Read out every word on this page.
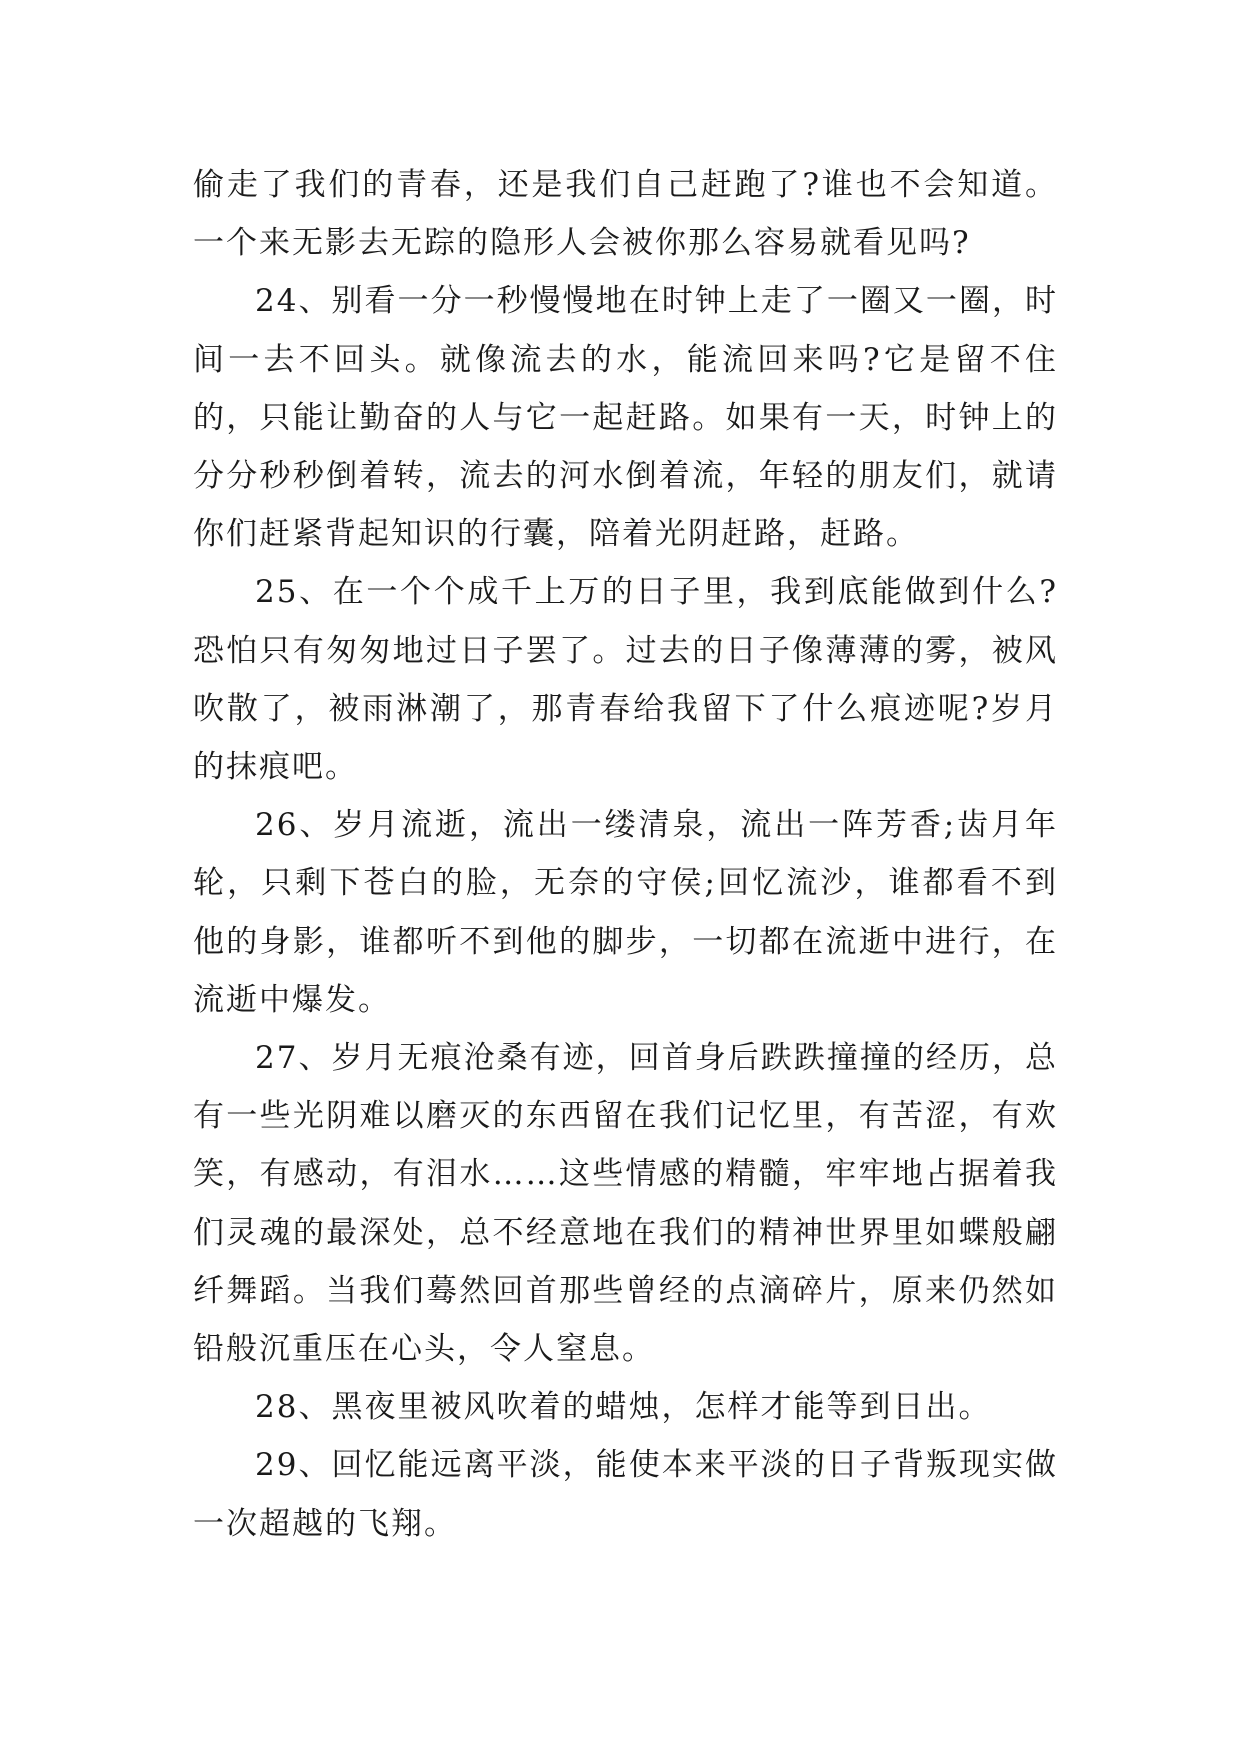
偷走了我们的青春，还是我们自己赶跑了?谁也不会知道。一个来无影去无踪的隐形人会被你那么容易就看见吗?

24、别看一分一秒慢慢地在时钟上走了一圈又一圈，时间一去不回头。就像流去的水，能流回来吗?它是留不住的，只能让勤奋的人与它一起赶路。如果有一天，时钟上的分分秒秒倒着转，流去的河水倒着流，年轻的朋友们，就请你们赶紧背起知识的行囊，陪着光阴赶路，赶路。

25、在一个个成千上万的日子里，我到底能做到什么?恐怕只有匆匆地过日子罢了。过去的日子像薄薄的雾，被风吹散了，被雨淋潮了，那青春给我留下了什么痕迹呢?岁月的抹痕吧。

26、岁月流逝，流出一缕清泉，流出一阵芳香;齿月年轮，只剩下苍白的脸，无奈的守侯;回忆流沙，谁都看不到他的身影，谁都听不到他的脚步，一切都在流逝中进行，在流逝中爆发。

27、岁月无痕沧桑有迹，回首身后跌跌撞撞的经历，总有一些光阴难以磨灭的东西留在我们记忆里，有苦涩，有欢笑，有感动，有泪水……这些情感的精髓，牢牢地占据着我们灵魂的最深处，总不经意地在我们的精神世界里如蝶般翩纤舞蹈。当我们蓦然回首那些曾经的点滴碎片，原来仍然如铅般沉重压在心头，令人窒息。

28、黑夜里被风吹着的蜡烛，怎样才能等到日出。

29、回忆能远离平淡，能使本来平淡的日子背叛现实做一次超越的飞翔。
